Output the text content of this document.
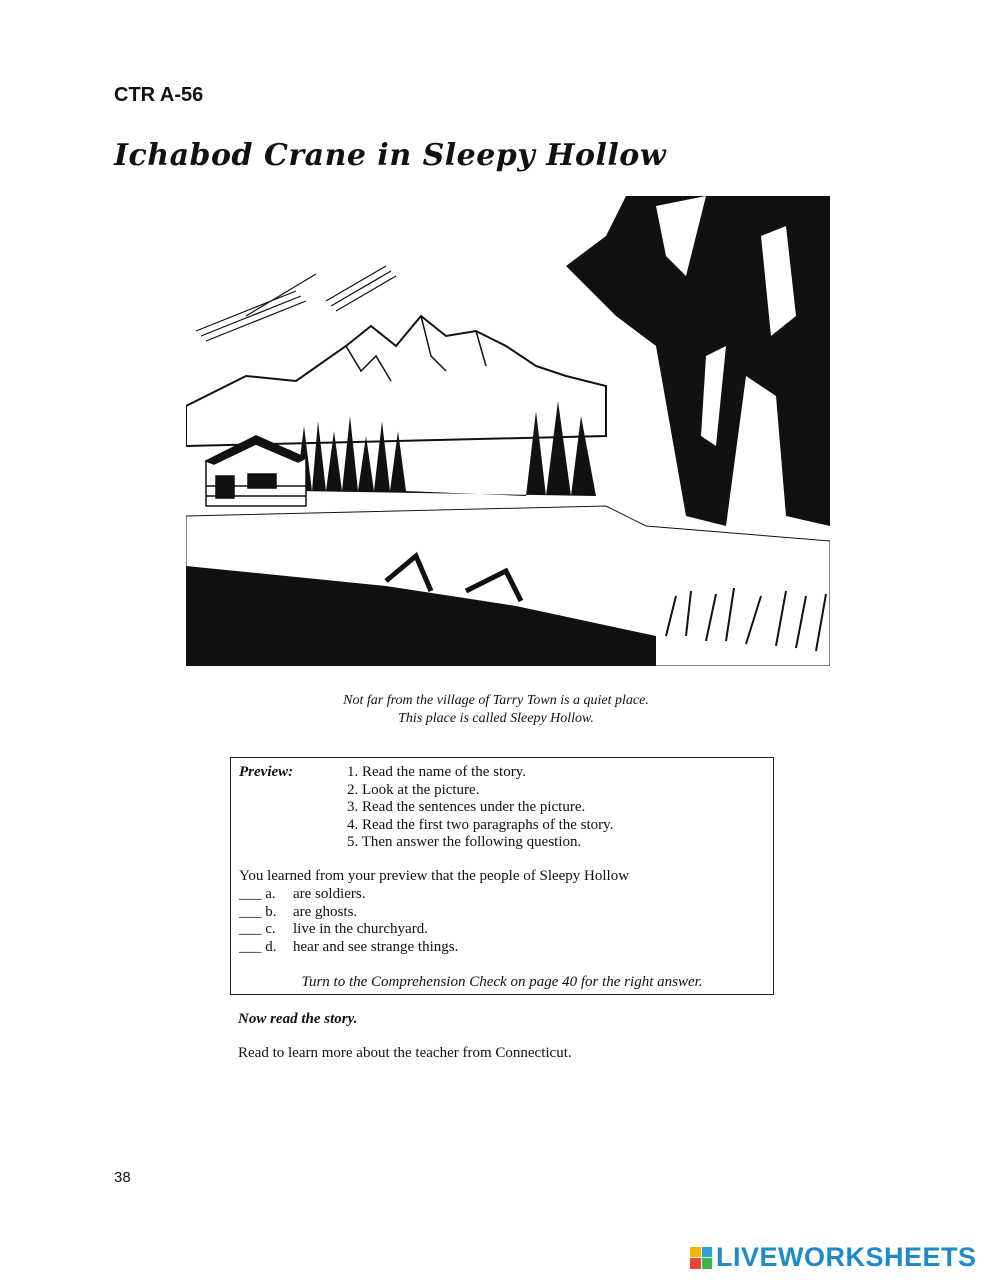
CTR A-56
Ichabod Crane in Sleepy Hollow
Not far from the village of Tarry Town is a quiet place.
This place is called Sleepy Hollow.
Preview:	1. Read the name of the story.
2. Look at the picture.
3. Read the sentences under the picture.
4. Read the first two paragraphs of the story.
5. Then answer the following question.
You learned from your preview that the people of Sleepy Hollow
___ a. are soldiers.
___ b. are ghosts.
___ c. live in the churchyard.
___ d. hear and see strange things.
Turn to the Comprehension Check on page 40 for the right answer.
Now read the story.
Read to learn more about the teacher from Connecticut.
38
LIVEWORKSHEETS
